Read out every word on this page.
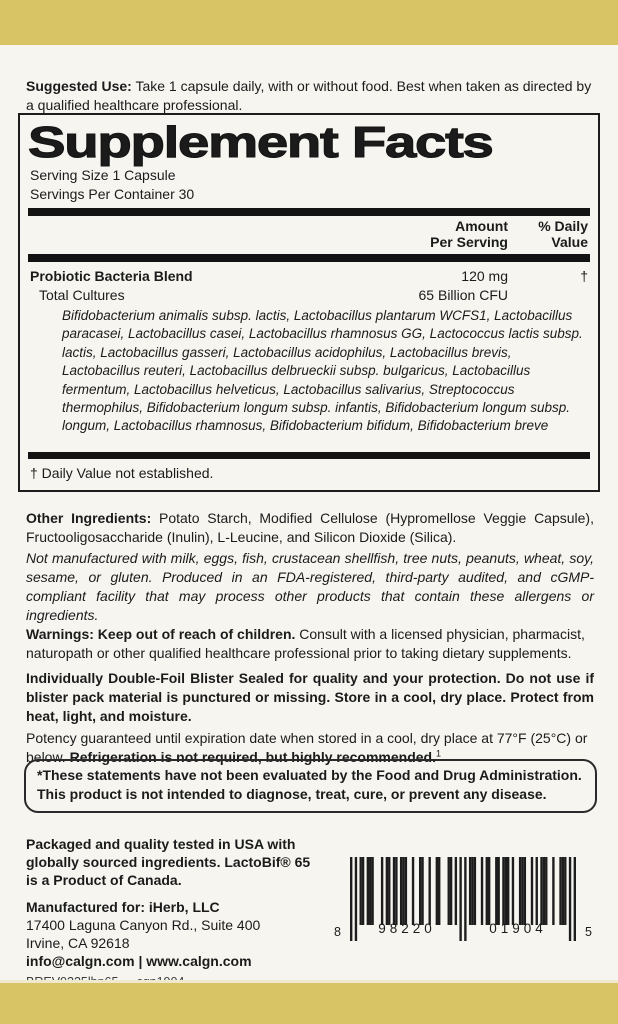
Suggested Use: Take 1 capsule daily, with or without food. Best when taken as directed by a qualified healthcare professional.

Supplement Facts
Serving Size 1 Capsule
Servings Per Container 30
Amount
Per Serving
% Daily
Value
Probiotic Bacteria Blend	120 mg	†
Total Cultures	65 Billion CFU
Bifidobacterium animalis subsp. lactis, Lactobacillus plantarum WCFS1, Lactobacillus paracasei, Lactobacillus casei, Lactobacillus rhamnosus GG, Lactococcus lactis subsp. lactis, Lactobacillus gasseri, Lactobacillus acidophilus, Lactobacillus brevis, Lactobacillus reuteri, Lactobacillus delbrueckii subsp. bulgaricus, Lactobacillus fermentum, Lactobacillus helveticus, Lactobacillus salivarius, Streptococcus thermophilus, Bifidobacterium longum subsp. infantis, Bifidobacterium longum subsp. longum, Lactobacillus rhamnosus, Bifidobacterium bifidum, Bifidobacterium breve
† Daily Value not established.

Other Ingredients: Potato Starch, Modified Cellulose (Hypromellose Veggie Capsule), Fructooligosaccharide (Inulin), L-Leucine, and Silicon Dioxide (Silica).

Not manufactured with milk, eggs, fish, crustacean shellfish, tree nuts, peanuts, wheat, soy, sesame, or gluten. Produced in an FDA-registered, third-party audited, and cGMP-compliant facility that may process other products that contain these allergens or ingredients.

Warnings: Keep out of reach of children. Consult with a licensed physician, pharmacist, naturopath or other qualified healthcare professional prior to taking dietary supplements.

Individually Double-Foil Blister Sealed for quality and your protection. Do not use if blister pack material is punctured or missing. Store in a cool, dry place. Protect from heat, light, and moisture.

Potency guaranteed until expiration date when stored in a cool, dry place at 77°F (25°C) or below. Refrigeration is not required, but highly recommended.$^1$

*These statements have not been evaluated by the Food and Drug Administration. This product is not intended to diagnose, treat, cure, or prevent any disease.
Packaged and quality tested in USA with
globally sourced ingredients. LactoBif® 65
is a Product of Canada.
Manufactured for: iHerb, LLC
17400 Laguna Canyon Rd., Suite 400
Irvine, CA 92618
info@calgn.com | www.calgn.com
8	98220	01904	5
